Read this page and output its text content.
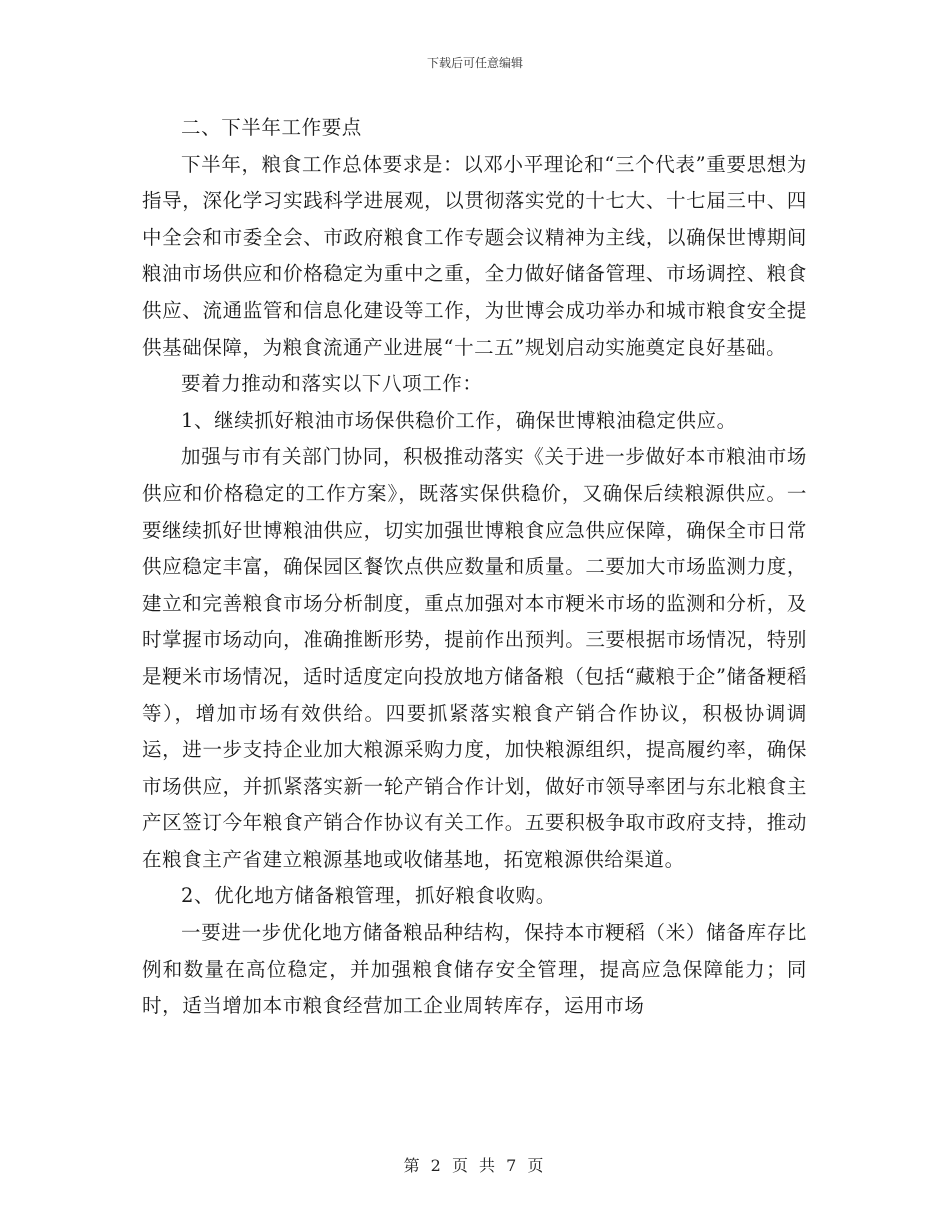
下载后可任意编辑

二、下半年工作要点

下半年，粮食工作总体要求是：以邓小平理论和“三个代表”重要思想为指导，深化学习实践科学进展观，以贯彻落实党的十七大、十七届三中、四中全会和市委全会、市政府粮食工作专题会议精神为主线，以确保世博期间粮油市场供应和价格稳定为重中之重，全力做好储备管理、市场调控、粮食供应、流通监管和信息化建设等工作，为世博会成功举办和城市粮食安全提供基础保障，为粮食流通产业进展“十二五”规划启动实施奠定良好基础。

要着力推动和落实以下八项工作：

1、继续抓好粮油市场保供稳价工作，确保世博粮油稳定供应。

加强与市有关部门协同，积极推动落实《关于进一步做好本市粮油市场供应和价格稳定的工作方案》，既落实保供稳价，又确保后续粮源供应。一要继续抓好世博粮油供应，切实加强世博粮食应急供应保障，确保全市日常供应稳定丰富，确保园区餐饮点供应数量和质量。二要加大市场监测力度，建立和完善粮食市场分析制度，重点加强对本市粳米市场的监测和分析，及时掌握市场动向，准确推断形势，提前作出预判。三要根据市场情况，特别是粳米市场情况，适时适度定向投放地方储备粮（包括“藏粮于企”储备粳稻等），增加市场有效供给。四要抓紧落实粮食产销合作协议，积极协调调运，进一步支持企业加大粮源采购力度，加快粮源组织，提高履约率，确保市场供应，并抓紧落实新一轮产销合作计划，做好市领导率团与东北粮食主产区签订今年粮食产销合作协议有关工作。五要积极争取市政府支持，推动在粮食主产省建立粮源基地或收储基地，拓宽粮源供给渠道。

2、优化地方储备粮管理，抓好粮食收购。

一要进一步优化地方储备粮品种结构，保持本市粳稻（米）储备库存比例和数量在高位稳定，并加强粮食储存安全管理，提高应急保障能力；同时，适当增加本市粮食经营加工企业周转库存，运用市场

第 2 页 共 7 页
